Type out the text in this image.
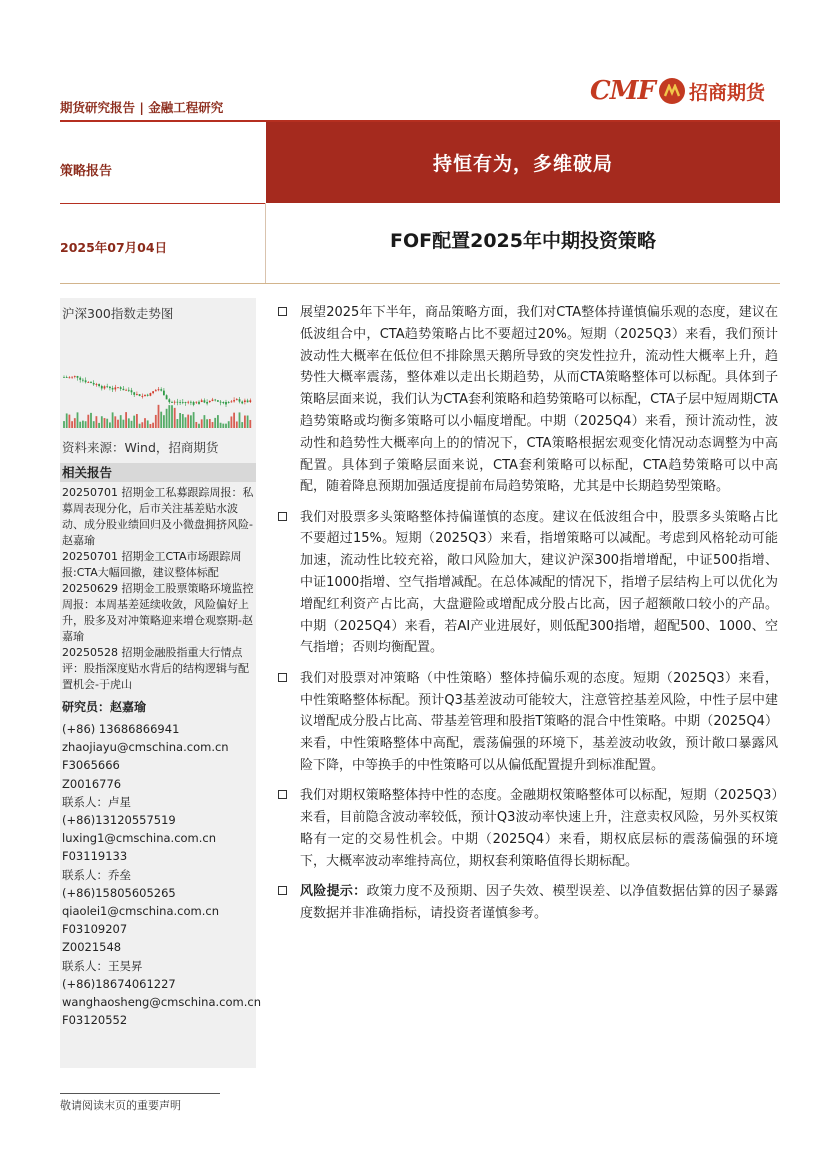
期货研究报告 | 金融工程研究
CMF 招商期货
策略报告	持恒有为，多维破局
2025年07月04日	FOF配置2025年中期投资策略
沪深300指数走势图
资料来源：Wind，招商期货
相关报告

20250701 招期金工私募跟踪周报：私募周表现分化，后市关注基差贴水波动、成分股业绩回归及小微盘拥挤风险-赵嘉瑜

20250701 招期金工CTA市场跟踪周报:CTA大幅回撤，建议整体标配

20250629 招期金工股票策略环境监控周报：本周基差延续收敛，风险偏好上升，股多及对冲策略迎来增仓观察期-赵嘉瑜

20250528 招期金融股指重大行情点评：股指深度贴水背后的结构逻辑与配置机会-于虎山

研究员：赵嘉瑜
(+86) 13686866941
zhaojiayu@cmschina.com.cn
F3065666
Z0016776
联系人：卢星
(+86)13120557519
luxing1@cmschina.com.cn
F03119133
联系人：乔垒
(+86)15805605265
qiaolei1@cmschina.com.cn
F03109207
Z0021548
联系人：王昊昇
(+86)18674061227
wanghaosheng@cmschina.com.cn
F03120552
展望2025年下半年，商品策略方面，我们对CTA整体持谨慎偏乐观的态度，建议在低波组合中，CTA趋势策略占比不要超过20%。短期（2025Q3）来看，我们预计波动性大概率在低位但不排除黑天鹅所导致的突发性拉升，流动性大概率上升，趋势性大概率震荡，整体难以走出长期趋势，从而CTA策略整体可以标配。具体到子策略层面来说，我们认为CTA套利策略和趋势策略可以标配，CTA子层中短周期CTA趋势策略或均衡多策略可以小幅度增配。中期（2025Q4）来看，预计流动性，波动性和趋势性大概率向上的的情况下，CTA策略根据宏观变化情况动态调整为中高配置。具体到子策略层面来说，CTA套利策略可以标配，CTA趋势策略可以中高配，随着降息预期加强适度提前布局趋势策略，尤其是中长期趋势型策略。
我们对股票多头策略整体持偏谨慎的态度。建议在低波组合中，股票多头策略占比不要超过15%。短期（2025Q3）来看，指增策略可以减配。考虑到风格轮动可能加速，流动性比较充裕，敞口风险加大，建议沪深300指增增配，中证500指增、中证1000指增、空气指增减配。在总体减配的情况下，指增子层结构上可以优化为增配红利资产占比高，大盘避险或增配成分股占比高，因子超额敞口较小的产品。中期（2025Q4）来看，若AI产业进展好，则低配300指增，超配500、1000、空气指增；否则均衡配置。
我们对股票对冲策略（中性策略）整体持偏乐观的态度。短期（2025Q3）来看，中性策略整体标配。预计Q3基差波动可能较大，注意管控基差风险，中性子层中建议增配成分股占比高、带基差管理和股指T策略的混合中性策略。中期（2025Q4）来看，中性策略整体中高配，震荡偏强的环境下，基差波动收敛，预计敞口暴露风险下降，中等换手的中性策略可以从偏低配置提升到标准配置。
我们对期权策略整体持中性的态度。金融期权策略整体可以标配，短期（2025Q3）来看，目前隐含波动率较低，预计Q3波动率快速上升，注意卖权风险，另外买权策略有一定的交易性机会。中期（2025Q4）来看，期权底层标的震荡偏强的环境下，大概率波动率维持高位，期权套利策略值得长期标配。
风险提示：政策力度不及预期、因子失效、模型误差、以净值数据估算的因子暴露度数据并非准确指标，请投资者谨慎参考。
敬请阅读末页的重要声明
